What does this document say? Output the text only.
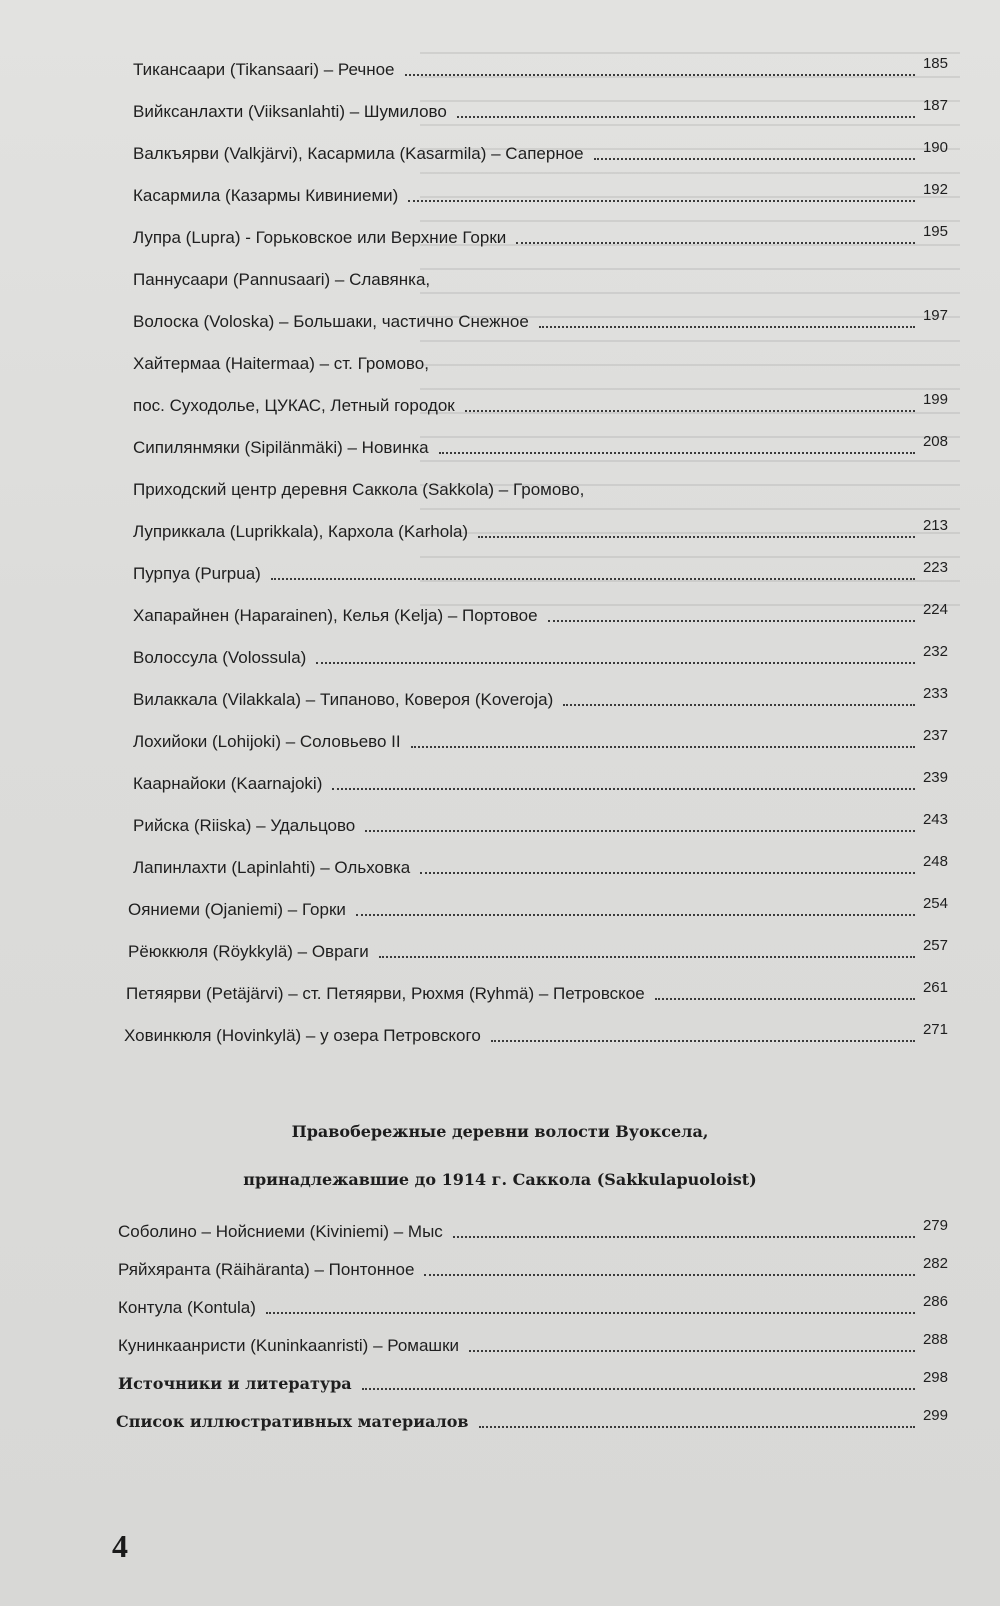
Тикансаари (Tikansaari) – Речное	185
Вийксанлахти (Viiksanlahti) – Шумилово	187
Валкъярви (Valkjärvi), Касармила (Kasarmila) – Саперное	190
Касармила (Казармы Кивиниеми)	192
Лупра (Lupra) - Горьковское или Верхние Горки	195
Паннусаари (Pannusaari) – Славянка,
Волоска (Voloska) – Большаки, частично Снежное	197
Хайтермаа (Haitermaa) – ст. Громово,
пос. Суходолье, ЦУКАС, Летный городок	199
Сипилянмяки (Sipilänmäki) – Новинка	208
Приходский центр деревня Саккола (Sakkola) – Громово,
Луприккала (Luprikkala), Кархола (Karhola)	213
Пурпуа (Purpua)	223
Хапарайнен (Haparainen), Келья (Kelja) – Портовое	224
Волоссула (Volossula)	232
Вилаккала (Vilakkala) – Типаново, Ковероя (Koveroja)	233
Лохийоки (Lohijoki) – Соловьево II	237
Каарнайоки (Kaarnajoki)	239
Рийска (Riiska) – Удальцово	243
Лапинлахти (Lapinlahti) – Ольховка	248
Ояниеми (Ojaniemi) – Горки	254
Рёюккюля (Röykkylä) – Овраги	257
Петяярви (Petäjärvi) – ст. Петяярви, Рюхмя (Ryhmä) – Петровское	261
Ховинкюля (Hovinkylä) – у озера Петровского	271
Правобережные деревни волости Вуоксела,
принадлежавшие до 1914 г. Саккола (Sakkulapuoloist)
Соболино – Нойсниеми (Kiviniemi) – Мыс	279
Ряйхяранта (Räihäranta) – Понтонное	282
Контула (Kontula)	286
Кунинкаанристи (Kuninkaanristi) – Ромашки	288
Источники и литература	298
Список иллюстративных материалов	299
4
